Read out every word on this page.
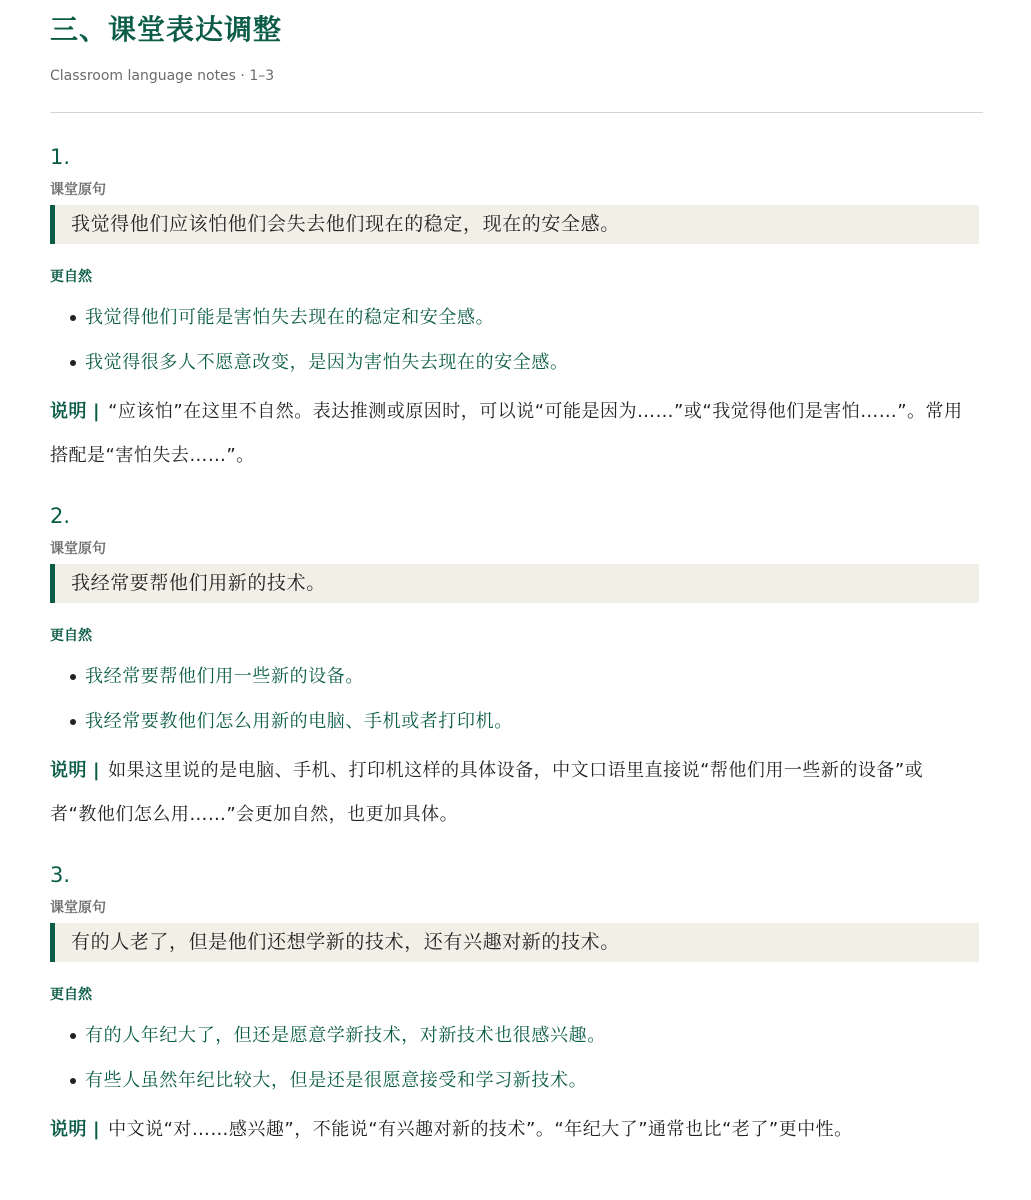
三、课堂表达调整
Classroom language notes · 1–3
1.
课堂原句
我觉得他们应该怕他们会失去他们现在的稳定，现在的安全感。
更自然
我觉得他们可能是害怕失去现在的稳定和安全感。
我觉得很多人不愿意改变，是因为害怕失去现在的安全感。
说明 | “应该怕”在这里不自然。表达推测或原因时，可以说“可能是因为……”或“我觉得他们是害怕……”。常用搭配是“害怕失去……”。
2.
课堂原句
我经常要帮他们用新的技术。
更自然
我经常要帮他们用一些新的设备。
我经常要教他们怎么用新的电脑、手机或者打印机。
说明 | 如果这里说的是电脑、手机、打印机这样的具体设备，中文口语里直接说“帮他们用一些新的设备”或者“教他们怎么用……”会更加自然，也更加具体。
3.
课堂原句
有的人老了，但是他们还想学新的技术，还有兴趣对新的技术。
更自然
有的人年纪大了，但还是愿意学新技术，对新技术也很感兴趣。
有些人虽然年纪比较大，但是还是很愿意接受和学习新技术。
说明 | 中文说“对……感兴趣”，不能说“有兴趣对新的技术”。“年纪大了”通常也比“老了”更中性。
